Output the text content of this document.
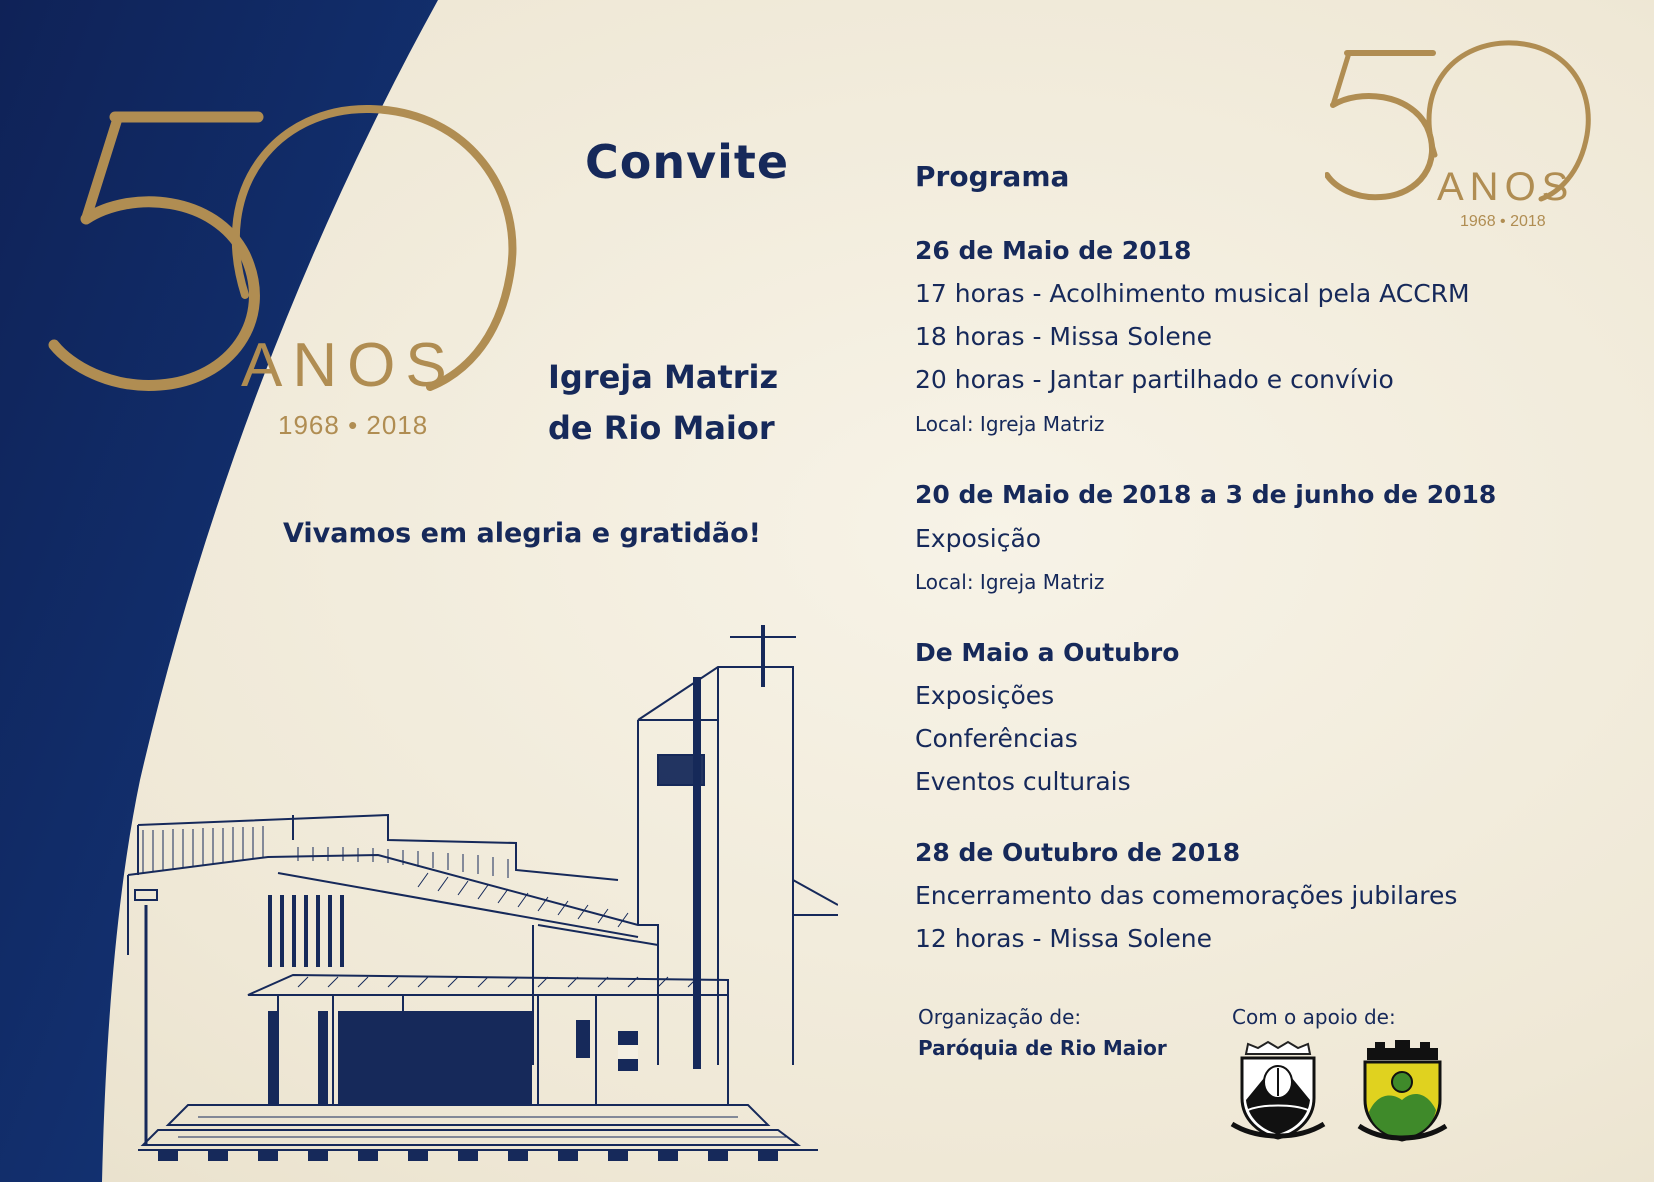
ANOS
1968 • 2018
ANOS
1968 • 2018
Convite
Igreja Matriz
de Rio Maior
Vivamos em alegria e gratidão!
Programa
26 de Maio de 2018
17 horas - Acolhimento musical pela ACCRM
18 horas - Missa Solene
20 horas - Jantar partilhado e convívio
Local: Igreja Matriz
20 de Maio de 2018 a 3 de junho de 2018
Exposição
Local: Igreja Matriz
De Maio a Outubro
Exposições
Conferências
Eventos culturais
28 de Outubro de 2018
Encerramento das comemorações jubilares
12 horas - Missa Solene
Organização de:
Paróquia de Rio Maior
Com o apoio de:
